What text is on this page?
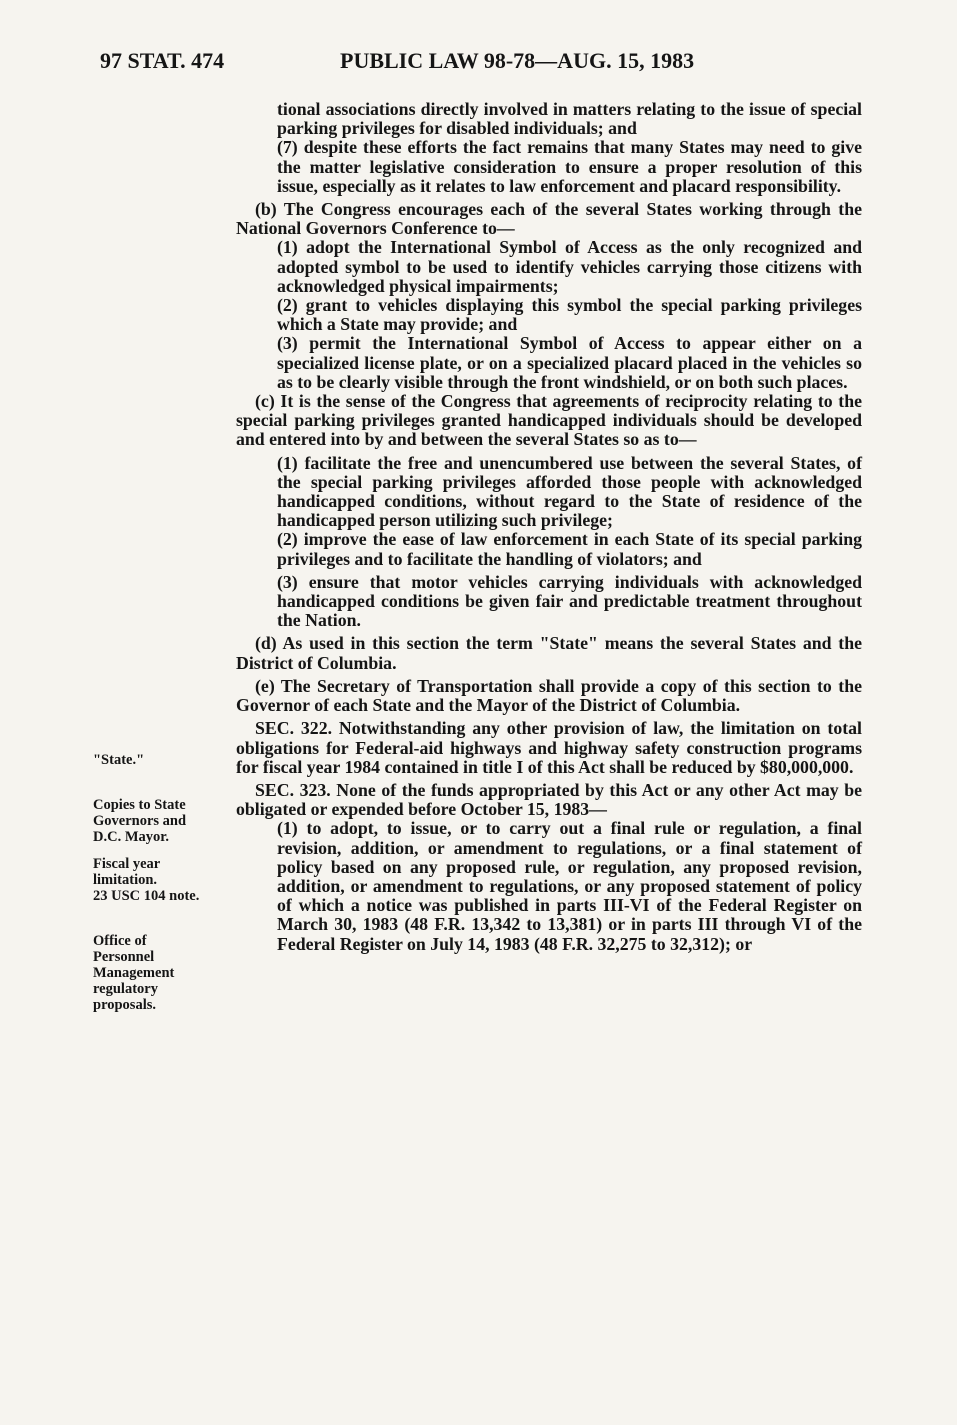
97 STAT. 474	PUBLIC LAW 98-78—AUG. 15, 1983
"State."
Copies to State
Governors and
D.C. Mayor.
Fiscal year
limitation.
23 USC 104 note.
Office of
Personnel
Management
regulatory
proposals.

tional associations directly involved in matters relating to the issue of special parking privileges for disabled individuals; and

(7) despite these efforts the fact remains that many States may need to give the matter legislative consideration to ensure a proper resolution of this issue, especially as it relates to law enforcement and placard responsibility.

(b) The Congress encourages each of the several States working through the National Governors Conference to—

(1) adopt the International Symbol of Access as the only recognized and adopted symbol to be used to identify vehicles carrying those citizens with acknowledged physical impairments;

(2) grant to vehicles displaying this symbol the special parking privileges which a State may provide; and

(3) permit the International Symbol of Access to appear either on a specialized license plate, or on a specialized placard placed in the vehicles so as to be clearly visible through the front windshield, or on both such places.

(c) It is the sense of the Congress that agreements of reciprocity relating to the special parking privileges granted handicapped individuals should be developed and entered into by and between the several States so as to—

(1) facilitate the free and unencumbered use between the several States, of the special parking privileges afforded those people with acknowledged handicapped conditions, without regard to the State of residence of the handicapped person utilizing such privilege;

(2) improve the ease of law enforcement in each State of its special parking privileges and to facilitate the handling of violators; and

(3) ensure that motor vehicles carrying individuals with acknowledged handicapped conditions be given fair and predictable treatment throughout the Nation.

(d) As used in this section the term "State" means the several States and the District of Columbia.

(e) The Secretary of Transportation shall provide a copy of this section to the Governor of each State and the Mayor of the District of Columbia.

SEC. 322. Notwithstanding any other provision of law, the limitation on total obligations for Federal-aid highways and highway safety construction programs for fiscal year 1984 contained in title I of this Act shall be reduced by $80,000,000.

SEC. 323. None of the funds appropriated by this Act or any other Act may be obligated or expended before October 15, 1983—

(1) to adopt, to issue, or to carry out a final rule or regulation, a final revision, addition, or amendment to regulations, or a final statement of policy based on any proposed rule, or regulation, any proposed revision, addition, or amendment to regulations, or any proposed statement of policy of which a notice was published in parts III-VI of the Federal Register on March 30, 1983 (48 F.R. 13,342 to 13,381) or in parts III through VI of the Federal Register on July 14, 1983 (48 F.R. 32,275 to 32,312); or
